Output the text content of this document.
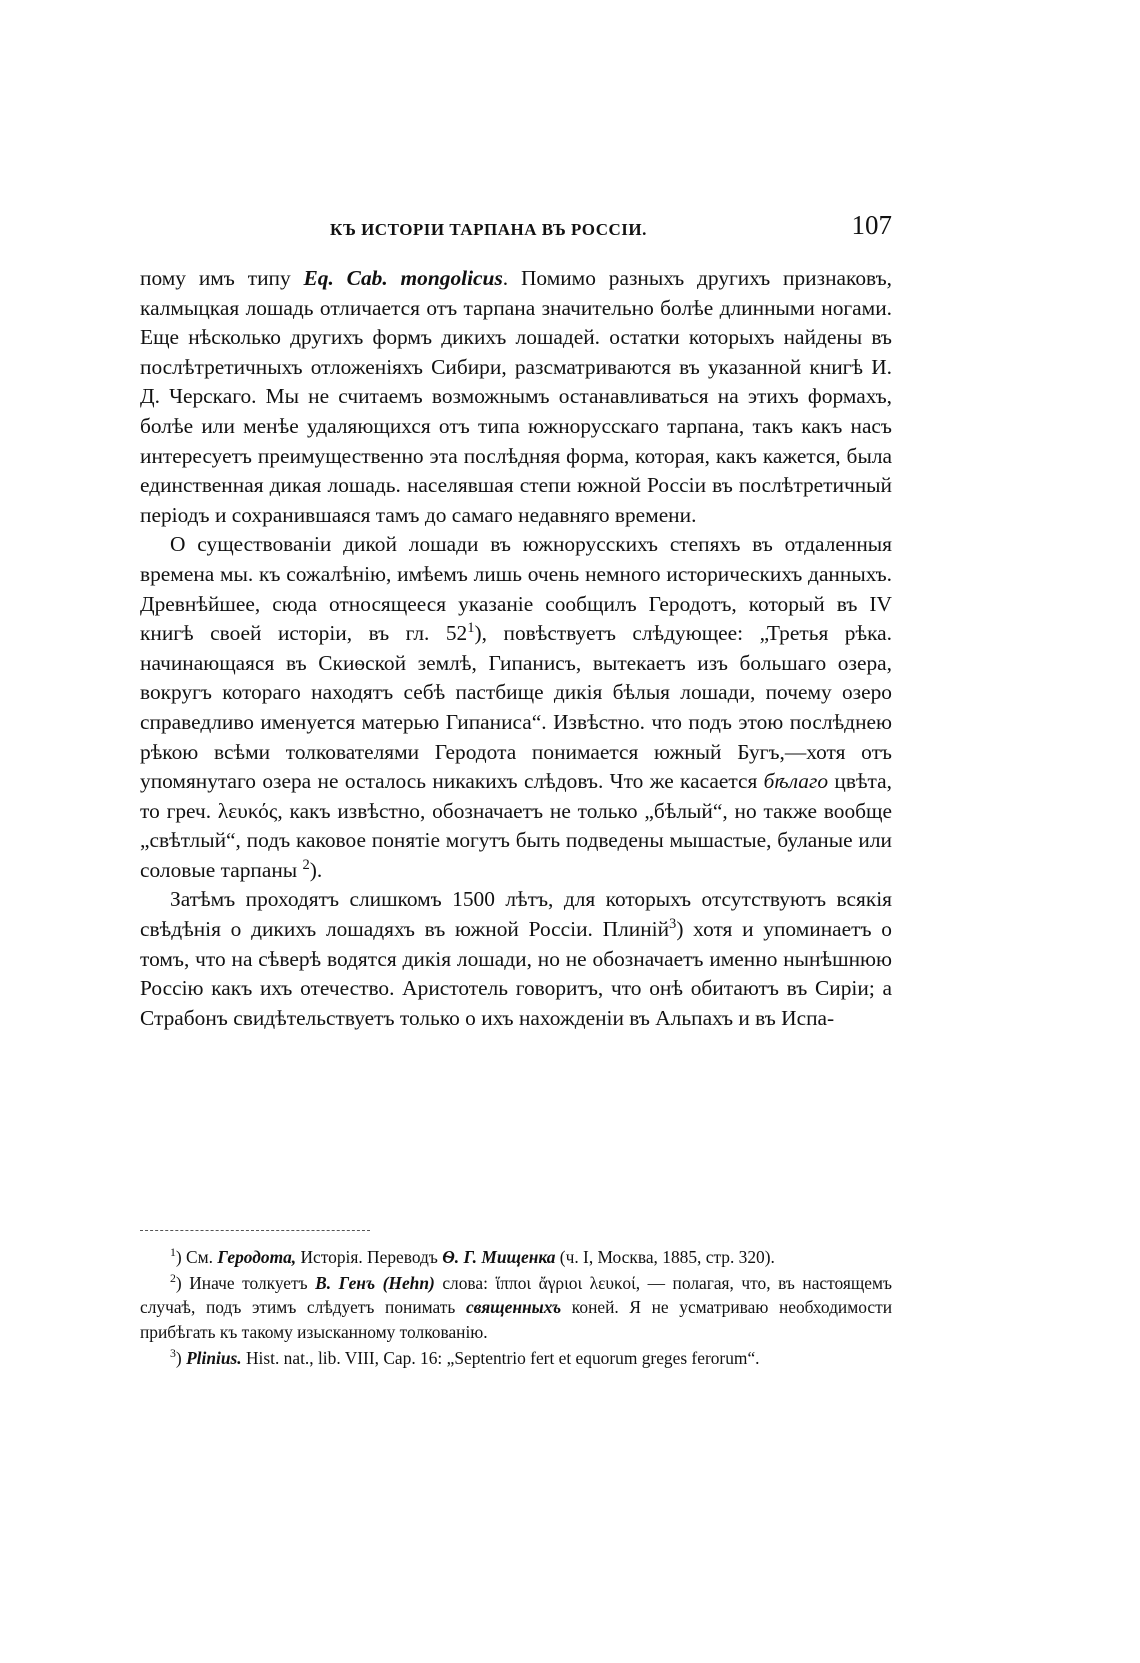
КЪ ИСТОРІИ ТАРПАНА ВЪ РОССІИ.	107

пому имъ типу Eq. Cab. mongolicus. Помимо разныхъ другихъ признаковъ, калмыцкая лошадь отличается отъ тарпана значительно болѣе длинными ногами. Еще нѣсколько другихъ формъ дикихъ лошадей. остатки которыхъ найдены въ послѣтретичныхъ отложеніяхъ Сибири, разсматриваются въ указанной книгѣ И. Д. Черскаго. Мы не считаемъ возможнымъ останавливаться на этихъ формахъ, болѣе или менѣе удаляющихся отъ типа южнорусскаго тарпана, такъ какъ насъ интересуетъ преимущественно эта послѣдняя форма, которая, какъ кажется, была единственная дикая лошадь. населявшая степи южной Россіи въ послѣтретичный періодъ и сохранившаяся тамъ до самаго недавняго времени.

О существованіи дикой лошади въ южнорусскихъ степяхъ въ отдаленныя времена мы. къ сожалѣнію, имѣемъ лишь очень немного историческихъ данныхъ. Древнѣйшее, сюда относящееся указаніе сообщилъ Геродотъ, который въ IV книгѣ своей исторіи, въ гл. $52^1$), повѣствуетъ слѣдующее: „Третья рѣка. начинающаяся въ Скиѳской землѣ, Гипанисъ, вытекаетъ изъ большаго озера, вокругъ котораго находятъ себѣ пастбище дикія бѣлыя лошади, почему озеро справедливо именуется матерью Гипаниса“. Извѣстно. что подъ этою послѣднею рѣкою всѣми толкователями Геродота понимается южный Бугъ,—хотя отъ упомянутаго озера не осталось никакихъ слѣдовъ. Что же касается бѣлаго цвѣта, то греч. λευκός, какъ извѣстно, обозначаетъ не только „бѣлый“, но также вообще „свѣтлый“, подъ каковое понятіе могутъ быть подведены мышастые, буланые или соловые тарпаны $^2$).

Затѣмъ проходятъ слишкомъ 1500 лѣтъ, для которыхъ отсутствуютъ всякія свѣдѣнія о дикихъ лошадяхъ въ южной Россіи. Плиній$^3$) хотя и упоминаетъ о томъ, что на сѣверѣ водятся дикія лошади, но не обозначаетъ именно нынѣшнюю Россію какъ ихъ отечество. Аристотель говоритъ, что онѣ обитаютъ въ Сиріи; а Страбонъ свидѣтельствуетъ только о ихъ нахожденіи въ Альпахъ и въ Испа-

$^1$) См. Геродота, Исторія. Переводъ Ѳ. Г. Мищенка (ч. I, Москва, 1885, стр. 320).

$^2$) Иначе толкуетъ В. Генъ (Hehn) слова: ἵπποι ἄγριοι λευκοί, — полагая, что, въ настоящемъ случаѣ, подъ этимъ слѣдуетъ понимать священныхъ коней. Я не усматриваю необходимости прибѣгать къ такому изысканному толкованію.

$^3$) Plinius. Hist. nat., lib. VIII, Cap. 16: „Septentrio fert et equorum greges ferorum“.
